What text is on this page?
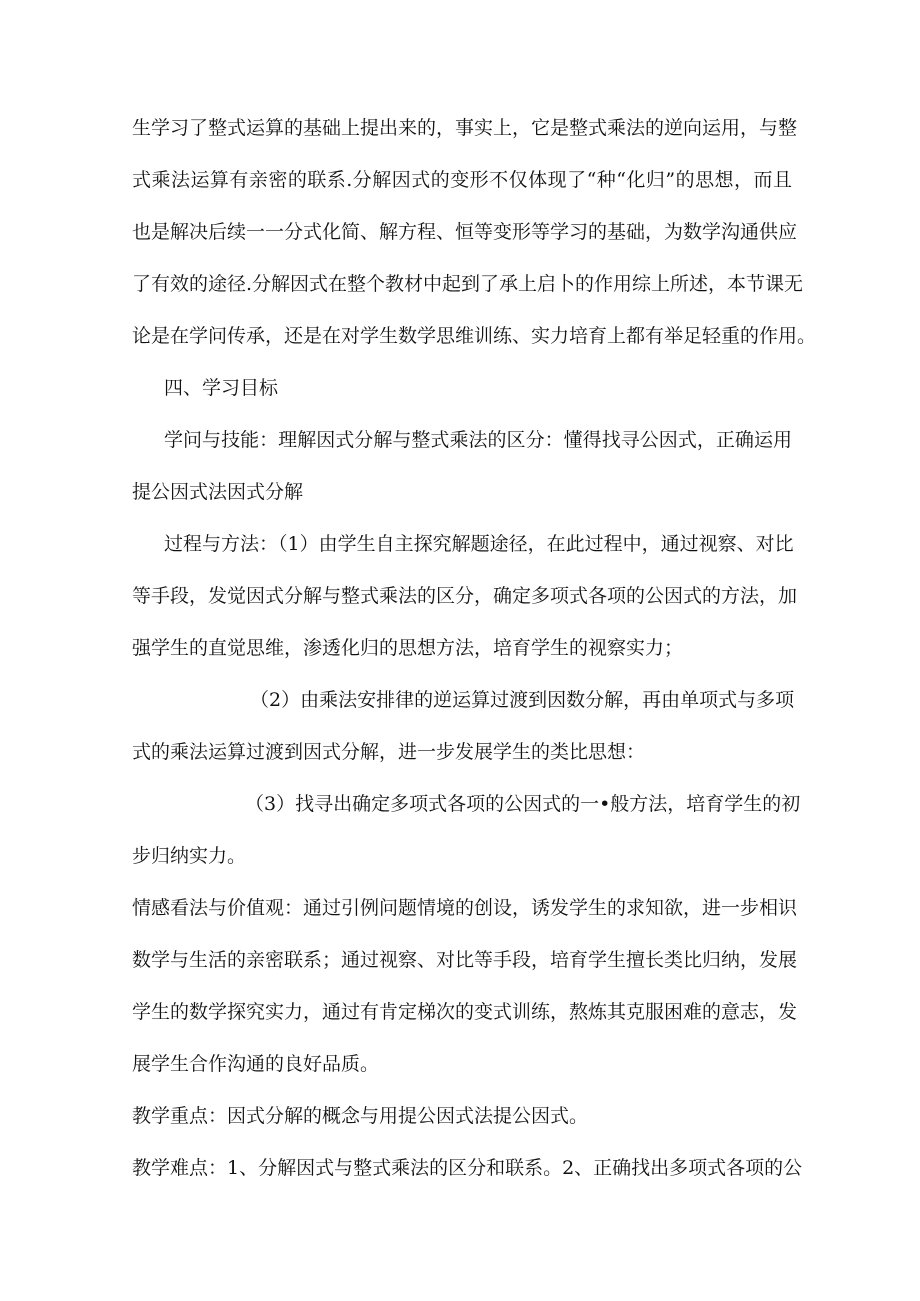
生学习了整式运算的基础上提出来的，事实上，它是整式乘法的逆向运用，与整
式乘法运算有亲密的联系.分解因式的变形不仅体现了“种“化归”的思想，而且
也是解决后续一一分式化简、解方程、恒等变形等学习的基础，为数学沟通供应
了有效的途径.分解因式在整个教材中起到了承上启卜的作用综上所述，本节课无
论是在学问传承，还是在对学生数学思维训练、实力培育上都有举足轻重的作用。
四、学习目标
学问与技能：理解因式分解与整式乘法的区分：懂得找寻公因式，正确运用
提公因式法因式分解
过程与方法：（1）由学生自主探究解题途径，在此过程中，通过视察、对比
等手段，发觉因式分解与整式乘法的区分，确定多项式各项的公因式的方法，加
强学生的直觉思维，渗透化归的思想方法，培育学生的视察实力；
（2）由乘法安排律的逆运算过渡到因数分解，再由单项式与多项
式的乘法运算过渡到因式分解，进一步发展学生的类比思想：
（3）找寻出确定多项式各项的公因式的一•般方法，培育学生的初
步归纳实力。
情感看法与价值观：通过引例问题情境的创设，诱发学生的求知欲，进一步相识
数学与生活的亲密联系；通过视察、对比等手段，培育学生擅长类比归纳，发展
学生的数学探究实力，通过有肯定梯次的变式训练，熬炼其克服困难的意志，发
展学生合作沟通的良好品质。
教学重点：因式分解的概念与用提公因式法提公因式。
教学难点：1、分解因式与整式乘法的区分和联系。2、正确找出多项式各项的公
